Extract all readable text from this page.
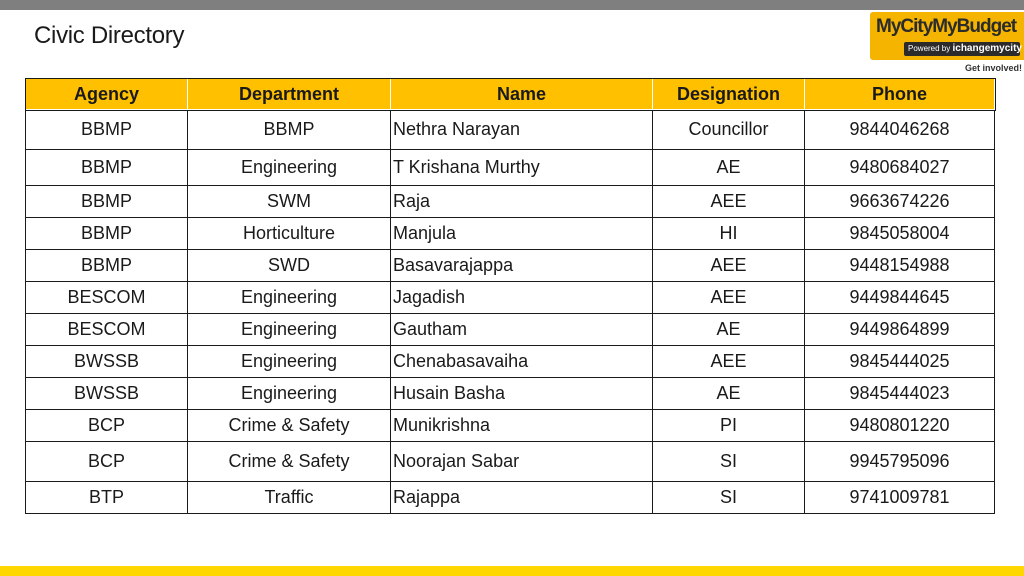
Civic Directory	MyCityMyBudget
Powered by ichangemycity
Get involved!
Agency	Department	Name	Designation	Phone
BBMP	BBMP	Nethra Narayan	Councillor	9844046268
BBMP	Engineering	T Krishana Murthy	AE	9480684027
BBMP	SWM	Raja	AEE	9663674226
BBMP	Horticulture	Manjula	HI	9845058004
BBMP	SWD	Basavarajappa	AEE	9448154988
BESCOM	Engineering	Jagadish	AEE	9449844645
BESCOM	Engineering	Gautham	AE	9449864899
BWSSB	Engineering	Chenabasavaiha	AEE	9845444025
BWSSB	Engineering	Husain Basha	AE	9845444023
BCP	Crime & Safety	Munikrishna	PI	9480801220
BCP	Crime & Safety	Noorajan Sabar	SI	9945795096
BTP	Traffic	Rajappa	SI	9741009781
